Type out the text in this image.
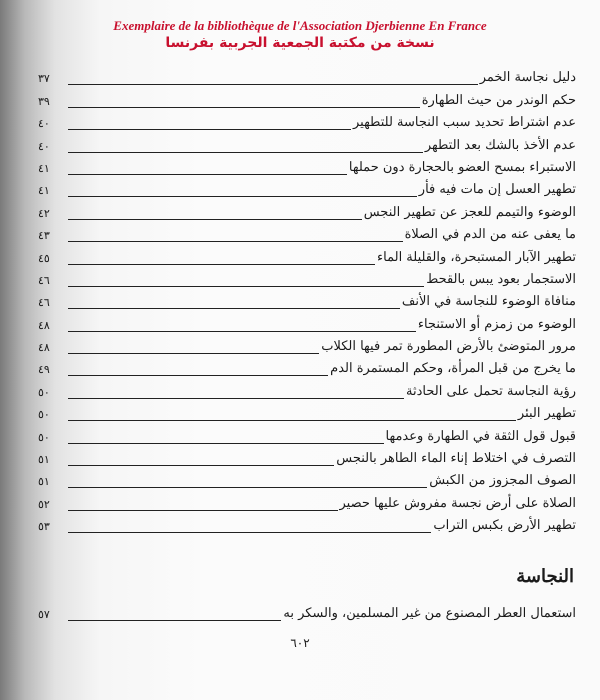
Exemplaire de la bibliothèque de l'Association Djerbienne En France
نسخة من مكتبة الجمعية الجربية بفرنسا
دليل نجاسة الخمر
٣٧
حكم الوندر من حيث الطهارة
٣٩
عدم اشتراط تحديد سبب النجاسة للتطهير
٤٠
عدم الأخذ بالشك بعد التطهر
٤٠
الاستبراء بمسح العضو بالحجارة دون حملها
٤١
تطهير العسل إن مات فيه فأر
٤١
الوضوء والتيمم للعجز عن تطهير النجس
٤٢
ما يعفى عنه من الدم في الصلاة
٤٣
تطهير الآبار المستبحرة، والقليلة الماء
٤٥
الاستجمار بعود يبس بالقحط
٤٦
منافاة الوضوء للنجاسة في الأنف
٤٦
الوضوء من زمزم أو الاستنجاء
٤٨
مرور المتوضئ بالأرض المطورة تمر فيها الكلاب
٤٨
ما يخرج من قبل المرأة، وحكم المستمرة الدم
٤٩
رؤية النجاسة تحمل على الحادثة
٥٠
تطهير البئر
٥٠
قبول قول الثقة في الطهارة وعدمها
٥٠
التصرف في اختلاط إناء الماء الطاهر بالنجس
٥١
الصوف المجزوز من الكبش
٥١
الصلاة على أرض نجسة مفروش عليها حصير
٥٢
تطهير الأرض بكبس التراب
٥٣
النجاسة
استعمال العطر المصنوع من غير المسلمين، والسكر به
٥٧
٦٠٢
